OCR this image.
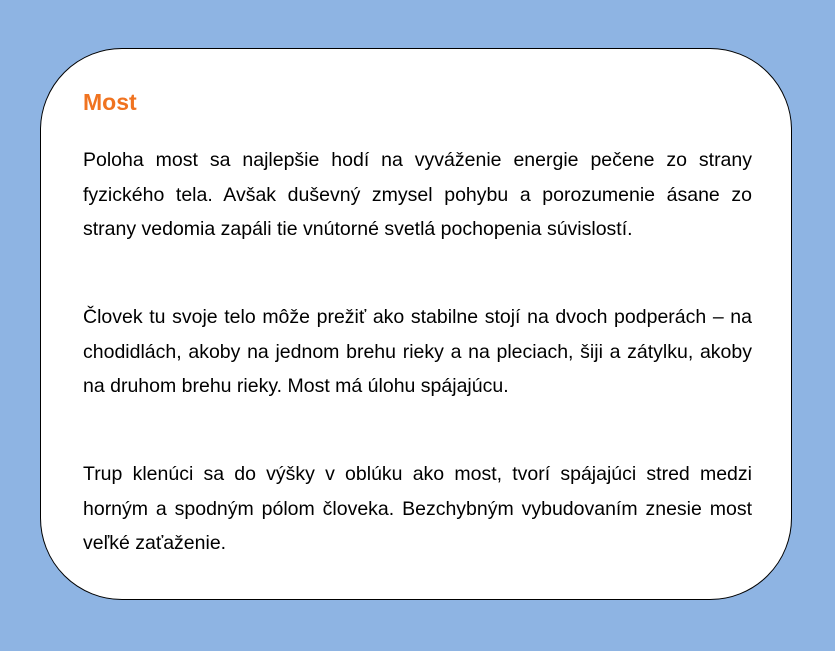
Most

Poloha most sa najlepšie hodí na vyváženie energie pečene zo strany fyzického tela. Avšak duševný zmysel pohybu a porozumenie ásane zo strany vedomia zapáli tie vnútorné svetlá pochopenia súvislostí.

Človek tu svoje telo môže prežiť ako stabilne stojí na dvoch podperách – na chodidlách, akoby na jednom brehu rieky a na pleciach, šiji a zátylku, akoby na druhom brehu rieky. Most má úlohu spájajúcu.

Trup klenúci sa do výšky v oblúku ako most, tvorí spájajúci stred medzi horným a spodným pólom človeka. Bezchybným vybudovaním znesie most veľké zaťaženie.
